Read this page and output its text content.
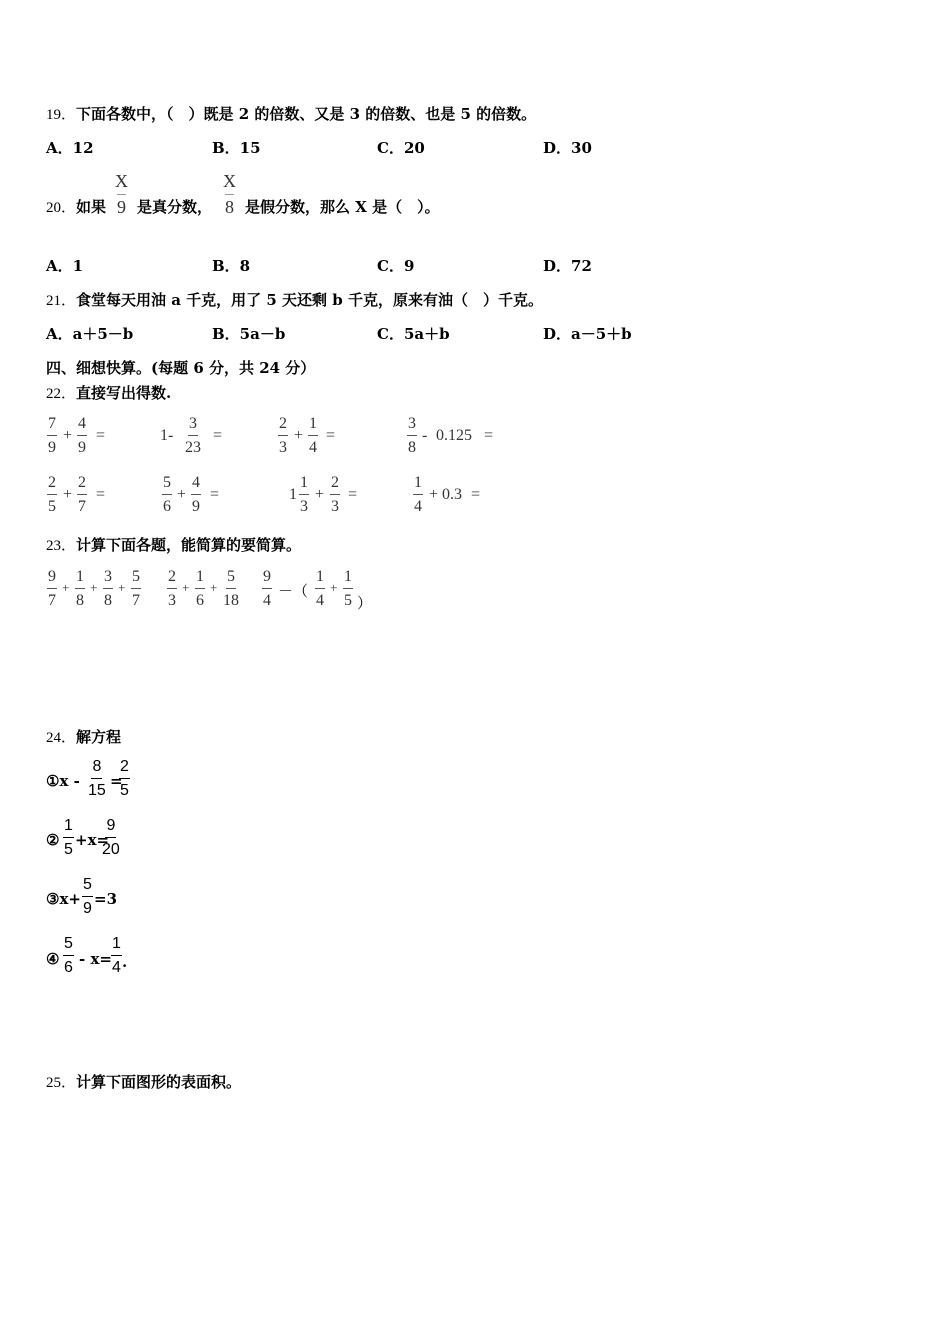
19．下面各数中，（　）既是 2 的倍数、又是 3 的倍数、也是 5 的倍数。
A．12	B．15	C．20	D．30
20．如果 $\frac{X}{9}$ 是真分数， $\frac{X}{8}$ 是假分数，那么 X 是（　）。
A．1	B．8	C．9	D．72
21．食堂每天用油 a 千克，用了 5 天还剩 b 千克，原来有油（　）千克。
A．a＋5－b	B．5a－b	C．5a＋b	D．a－5＋b
四、细想快算。(每题 6 分，共 24 分）
22．直接写出得数.
$\frac{7}{9} + \frac{4}{9}$ =	$1- \frac{3}{23}$ =	$\frac{2}{3} + \frac{1}{4}$ =	$\frac{3}{8} - 0.125$ =
$\frac{2}{5} + \frac{2}{7}$ =	$\frac{5}{6} + \frac{4}{9}$ =	$1 \frac{1}{3} + \frac{2}{3}$ =	$\frac{1}{4} + 0.3$ =
23．计算下面各题，能简算的要简算。
$\frac{9}{7} + \frac{1}{8} + \frac{3}{8} + \frac{5}{7} \frac{2}{3} + \frac{1}{6} + \frac{5}{18} \frac{9}{4}$ －（ $\frac{1}{4} + \frac{1}{5}$ ）
24．解方程
①x - $\frac{8}{15}$ =
$\frac{2}{5}$
② $\frac{1}{5} +x=$
$\frac{9}{20}$
③x+ $\frac{5}{9} =3$
④ $\frac{5}{6} - x= \frac{1}{4}$ .
25．计算下面图形的表面积。
